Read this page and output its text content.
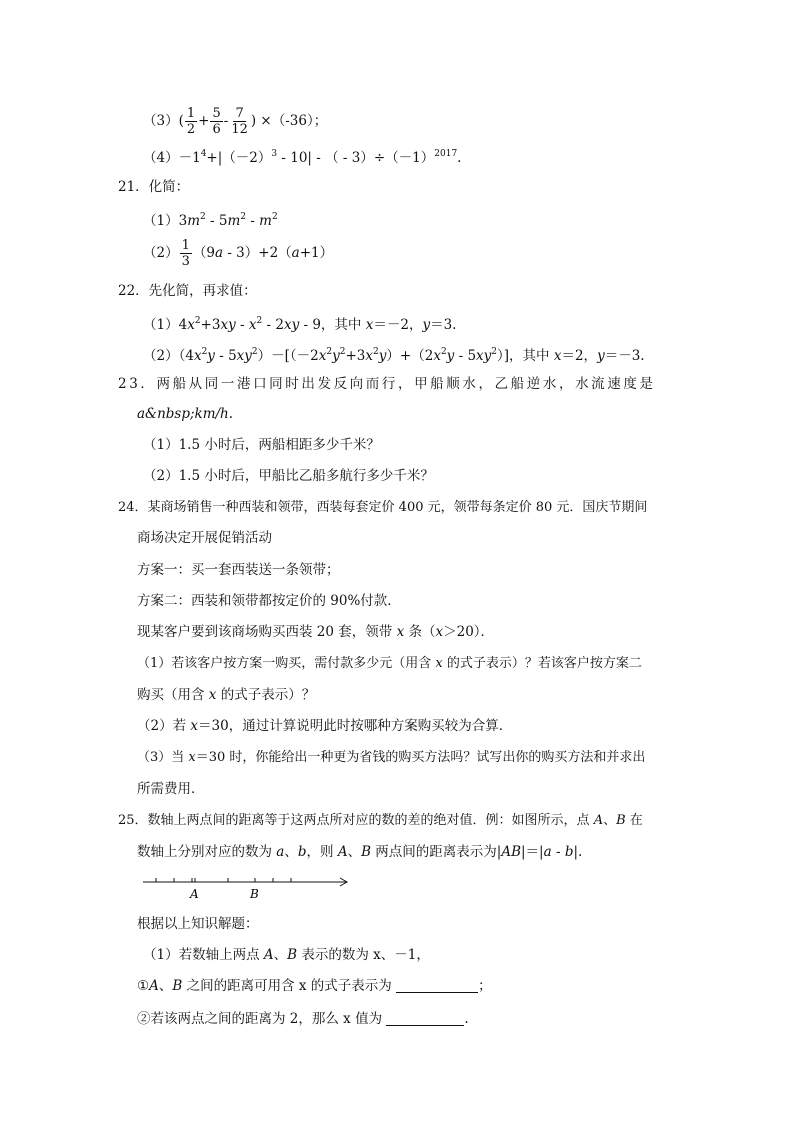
$(3)( \frac{1}{2} + \frac{5}{6} - \frac{7}{12}$ ) ×（-36）；
$(4)-1^4+|(-2)^3 - 10|$ - （ - $3)\div(-1)^{2017}$.
21．化简：
$(1)3m^2 - 5m^2 - m^2$
$(2) \frac{1}{3} (9a - 3)+2(a+1)$
22．先化简，再求值：
$(1)4x^2+3xy - x^2 - 2xy - 9$，其中 x＝－2，y＝3.
$(2)(4x^2y - 5xy^2)-[(-2x^2y^2+3x^2y)+(2x^2y - 5xy^2)]$，其中 x＝2，y＝－3.
23．两船从同一港口同时出发反向而行，甲船顺水，乙船逆水，水流速度是
a&nbsp;km/h.
（1）1.5 小时后，两船相距多少千米？
（2）1.5 小时后，甲船比乙船多航行多少千米？
24．某商场销售一种西装和领带，西装每套定价 400 元，领带每条定价 80 元．国庆节期间
商场决定开展促销活动
方案一：买一套西装送一条领带；
方案二：西装和领带都按定价的 90%付款．
现某客户要到该商场购买西装 20 套，领带 x 条（x＞20）．
（1）若该客户按方案一购买，需付款多少元（用含 x 的式子表示）？若该客户按方案二
购买（用含 x 的式子表示）？
（2）若 x＝30，通过计算说明此时按哪种方案购买较为合算．
（3）当 x＝30 时，你能给出一种更为省钱的购买方法吗？试写出你的购买方法和并求出
所需费用．
25．数轴上两点间的距离等于这两点所对应的数的差的绝对值．例：如图所示，点 A、B 在
数轴上分别对应的数为 a、b，则 A、B 两点间的距离表示为|AB|＝|a - b|.
A	B
根据以上知识解题：
（1）若数轴上两点 A、B 表示的数为 x、－1，
①A、B 之间的距离可用含 x 的式子表示为	；
②若该两点之间的距离为 2，那么 x 值为	.
